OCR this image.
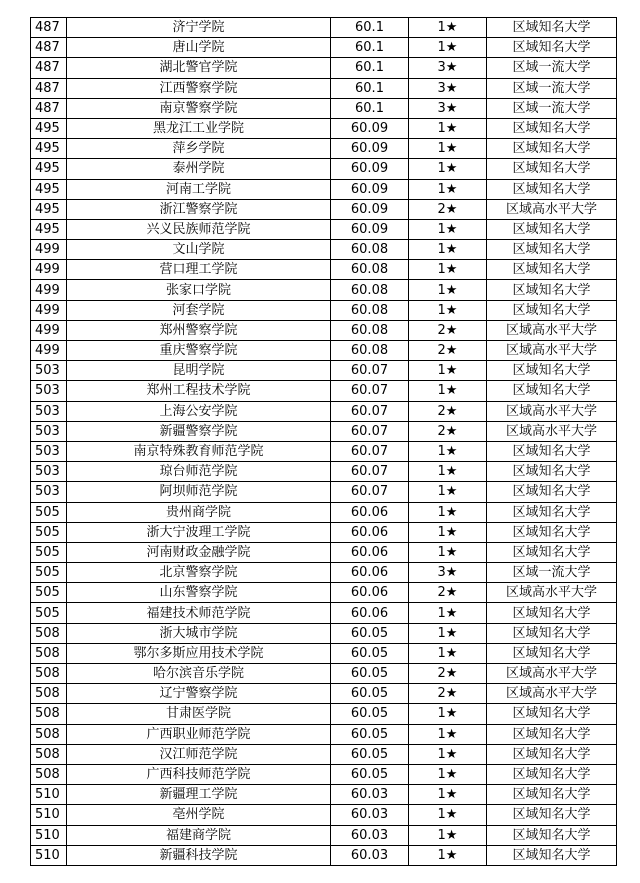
487	济宁学院	60.1	1★	区域知名大学
487	唐山学院	60.1	1★	区域知名大学
487	湖北警官学院	60.1	3★	区域一流大学
487	江西警察学院	60.1	3★	区域一流大学
487	南京警察学院	60.1	3★	区域一流大学
495	黑龙江工业学院	60.09	1★	区域知名大学
495	萍乡学院	60.09	1★	区域知名大学
495	泰州学院	60.09	1★	区域知名大学
495	河南工学院	60.09	1★	区域知名大学
495	浙江警察学院	60.09	2★	区域高水平大学
495	兴义民族师范学院	60.09	1★	区域知名大学
499	文山学院	60.08	1★	区域知名大学
499	营口理工学院	60.08	1★	区域知名大学
499	张家口学院	60.08	1★	区域知名大学
499	河套学院	60.08	1★	区域知名大学
499	郑州警察学院	60.08	2★	区域高水平大学
499	重庆警察学院	60.08	2★	区域高水平大学
503	昆明学院	60.07	1★	区域知名大学
503	郑州工程技术学院	60.07	1★	区域知名大学
503	上海公安学院	60.07	2★	区域高水平大学
503	新疆警察学院	60.07	2★	区域高水平大学
503	南京特殊教育师范学院	60.07	1★	区域知名大学
503	琼台师范学院	60.07	1★	区域知名大学
503	阿坝师范学院	60.07	1★	区域知名大学
505	贵州商学院	60.06	1★	区域知名大学
505	浙大宁波理工学院	60.06	1★	区域知名大学
505	河南财政金融学院	60.06	1★	区域知名大学
505	北京警察学院	60.06	3★	区域一流大学
505	山东警察学院	60.06	2★	区域高水平大学
505	福建技术师范学院	60.06	1★	区域知名大学
508	浙大城市学院	60.05	1★	区域知名大学
508	鄂尔多斯应用技术学院	60.05	1★	区域知名大学
508	哈尔滨音乐学院	60.05	2★	区域高水平大学
508	辽宁警察学院	60.05	2★	区域高水平大学
508	甘肃医学院	60.05	1★	区域知名大学
508	广西职业师范学院	60.05	1★	区域知名大学
508	汉江师范学院	60.05	1★	区域知名大学
508	广西科技师范学院	60.05	1★	区域知名大学
510	新疆理工学院	60.03	1★	区域知名大学
510	亳州学院	60.03	1★	区域知名大学
510	福建商学院	60.03	1★	区域知名大学
510	新疆科技学院	60.03	1★	区域知名大学
